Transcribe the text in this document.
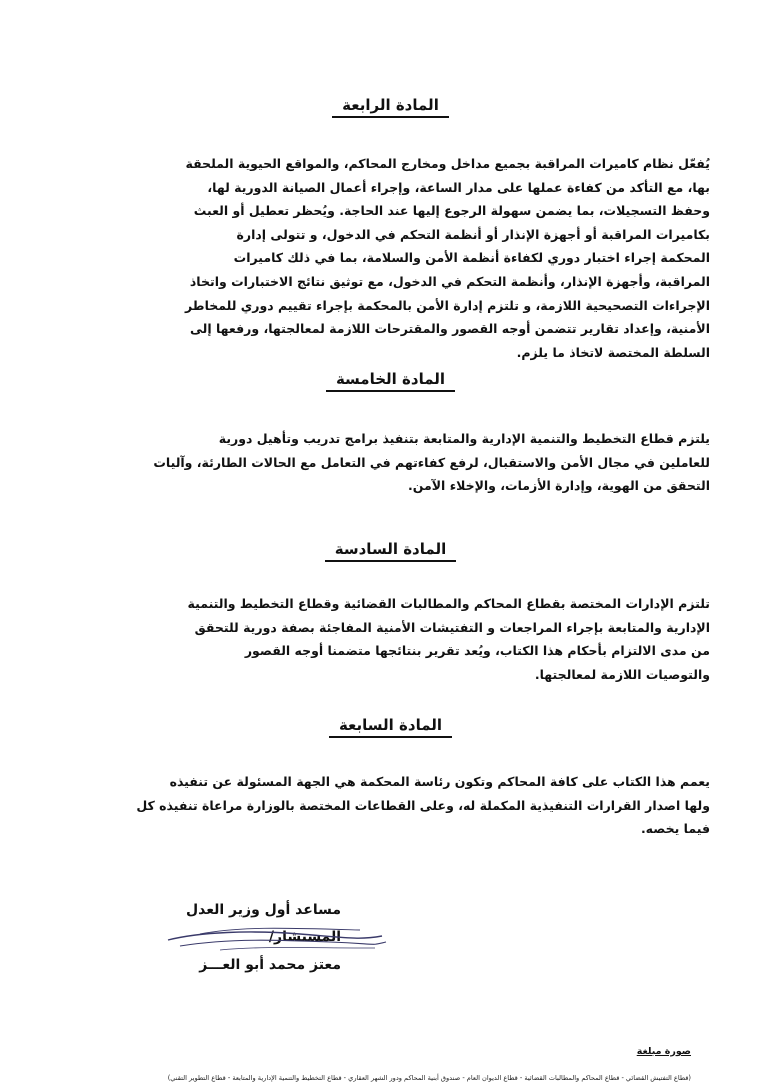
المادة الرابعة
يُفعّل نظام كاميرات المراقبة بجميع مداخل ومخارج المحاكم، والمواقع الحيوية الملحقة
بها، مع التأكد من كفاءة عملها على مدار الساعة، وإجراء أعمال الصيانة الدورية لها،
وحفظ التسجيلات، بما يضمن سهولة الرجوع إليها عند الحاجة. ويُحظر تعطيل أو العبث
بكاميرات المراقبة أو أجهزة الإنذار أو أنظمة التحكم في الدخول، و تتولى إدارة
المحكمة إجراء اختبار دوري لكفاءة أنظمة الأمن والسلامة، بما في ذلك كاميرات
المراقبة، وأجهزة الإنذار، وأنظمة التحكم في الدخول، مع توثيق نتائج الاختبارات واتخاذ
الإجراءات التصحيحية اللازمة، و تلتزم إدارة الأمن بالمحكمة بإجراء تقييم دوري للمخاطر
الأمنية، وإعداد تقارير تتضمن أوجه القصور والمقترحات اللازمة لمعالجتها، ورفعها إلى
السلطة المختصة لاتخاذ ما يلزم.
المادة الخامسة
يلتزم قطاع التخطيط والتنمية الإدارية والمتابعة بتنفيذ برامج تدريب وتأهيل دورية
للعاملين في مجال الأمن والاستقبال، لرفع كفاءتهم في التعامل مع الحالات الطارئة، وآليات
التحقق من الهوية، وإدارة الأزمات، والإخلاء الآمن.
المادة السادسة
تلتزم الإدارات المختصة بقطاع المحاكم والمطالبات القضائية وقطاع التخطيط والتنمية
الإدارية والمتابعة بإجراء المراجعات و التفتيشات الأمنية المفاجئة بصفة دورية للتحقق
من مدى الالتزام بأحكام هذا الكتاب، ويُعد تقرير بنتائجها متضمنا أوجه القصور
والتوصيات اللازمة لمعالجتها.
المادة السابعة
يعمم هذا الكتاب على كافة المحاكم وتكون رئاسة المحكمة هي الجهة المسئولة عن تنفيذه
ولها اصدار القرارات التنفيذية المكملة له، وعلى القطاعات المختصة بالوزارة مراعاة تنفيذه كل
فيما يخصه.
مساعد أول وزير العدل
المستشار/
معتز محمد أبو العـــز
صورة مبلغة
(قطاع التفتيش القضائي - قطاع المحاكم والمطالبات القضائية - قطاع الديوان العام - صندوق أبنية المحاكم ودور الشهر العقاري - قطاع التخطيط والتنمية الإدارية والمتابعة - قطاع التطوير التقني)
